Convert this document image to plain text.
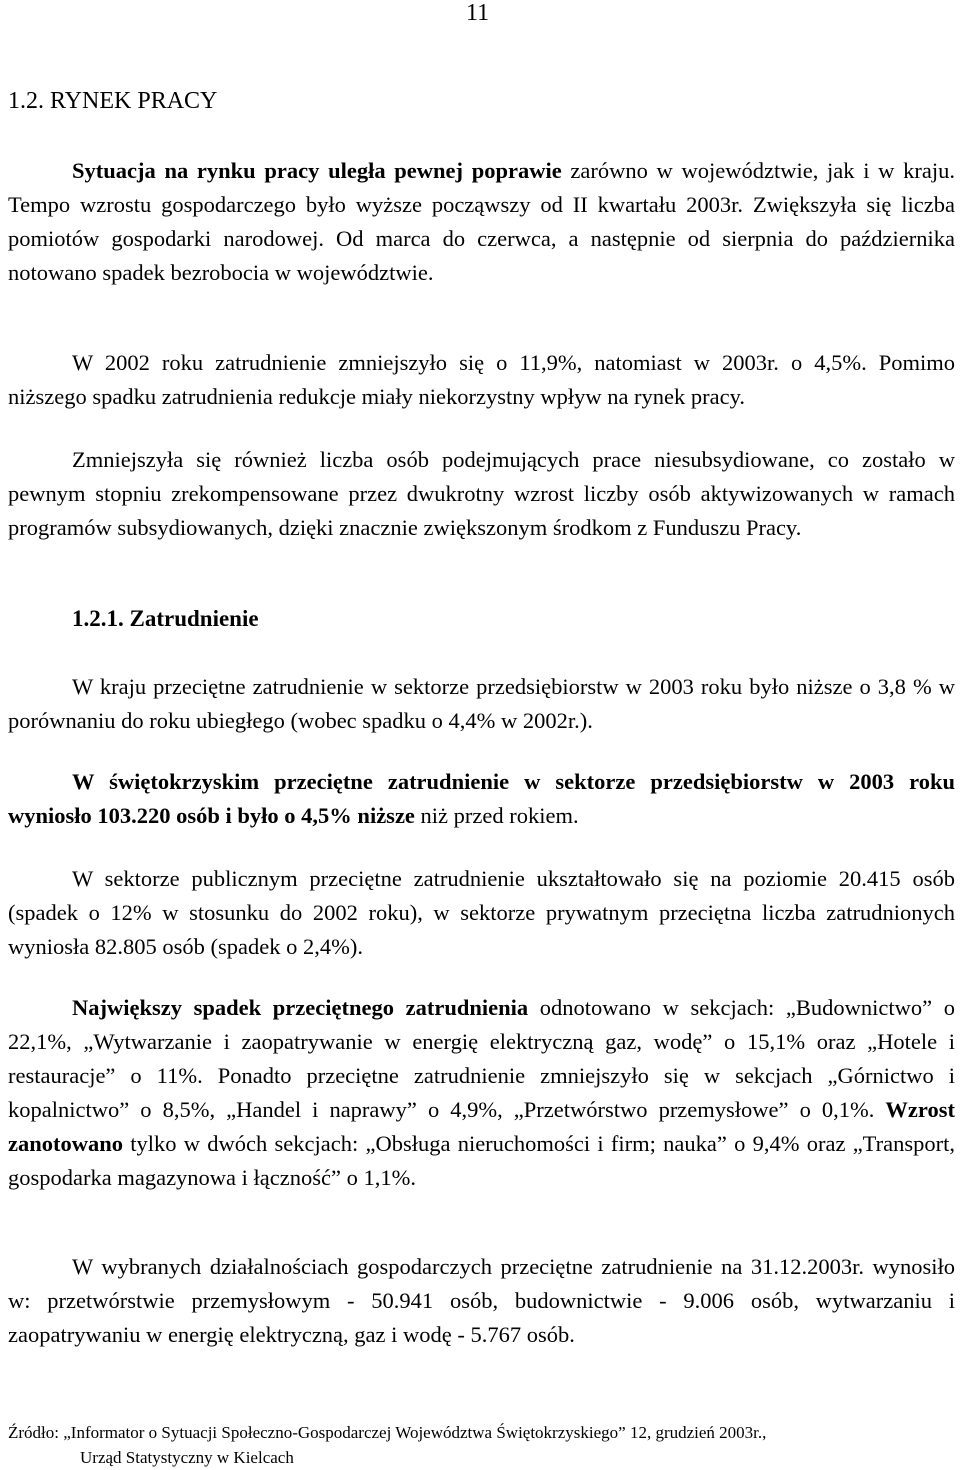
11
1.2. RYNEK PRACY

Sytuacja na rynku pracy uległa pewnej poprawie zarówno w województwie, jak i w kraju. Tempo wzrostu gospodarczego było wyższe począwszy od II kwartału 2003r. Zwiększyła się liczba pomiotów gospodarki narodowej. Od marca do czerwca, a następnie od sierpnia do października notowano spadek bezrobocia w województwie.

W 2002 roku zatrudnienie zmniejszyło się o 11,9%, natomiast w 2003r. o 4,5%. Pomimo niższego spadku zatrudnienia redukcje miały niekorzystny wpływ na rynek pracy.

Zmniejszyła się również liczba osób podejmujących prace niesubsydiowane, co zostało w pewnym stopniu zrekompensowane przez dwukrotny wzrost liczby osób aktywizowanych w ramach programów subsydiowanych, dzięki znacznie zwiększonym środkom z Funduszu Pracy.

1.2.1. Zatrudnienie

W kraju przeciętne zatrudnienie w sektorze przedsiębiorstw w 2003 roku było niższe o 3,8 % w porównaniu do roku ubiegłego (wobec spadku o 4,4% w 2002r.).

W świętokrzyskim przeciętne zatrudnienie w sektorze przedsiębiorstw w 2003 roku wyniosło 103.220 osób i było o 4,5% niższe niż przed rokiem.

W sektorze publicznym przeciętne zatrudnienie ukształtowało się na poziomie 20.415 osób (spadek o 12% w stosunku do 2002 roku), w sektorze prywatnym przeciętna liczba zatrudnionych wyniosła 82.805 osób (spadek o 2,4%).

Największy spadek przeciętnego zatrudnienia odnotowano w sekcjach: „Budownictwo” o 22,1%, „Wytwarzanie i zaopatrywanie w energię elektryczną gaz, wodę” o 15,1% oraz „Hotele i restauracje” o 11%. Ponadto przeciętne zatrudnienie zmniejszyło się w sekcjach „Górnictwo i kopalnictwo” o 8,5%, „Handel i naprawy” o 4,9%, „Przetwórstwo przemysłowe” o 0,1%. Wzrost zanotowano tylko w dwóch sekcjach: „Obsługa nieruchomości i firm; nauka” o 9,4% oraz „Transport, gospodarka magazynowa i łączność” o 1,1%.

W wybranych działalnościach gospodarczych przeciętne zatrudnienie na 31.12.2003r. wynosiło w: przetwórstwie przemysłowym - 50.941 osób, budownictwie - 9.006 osób, wytwarzaniu i zaopatrywaniu w energię elektryczną, gaz i wodę - 5.767 osób.

Źródło: „Informator o Sytuacji Społeczno-Gospodarczej Województwa Świętokrzyskiego” 12, grudzień 2003r.,
Urząd Statystyczny w Kielcach
